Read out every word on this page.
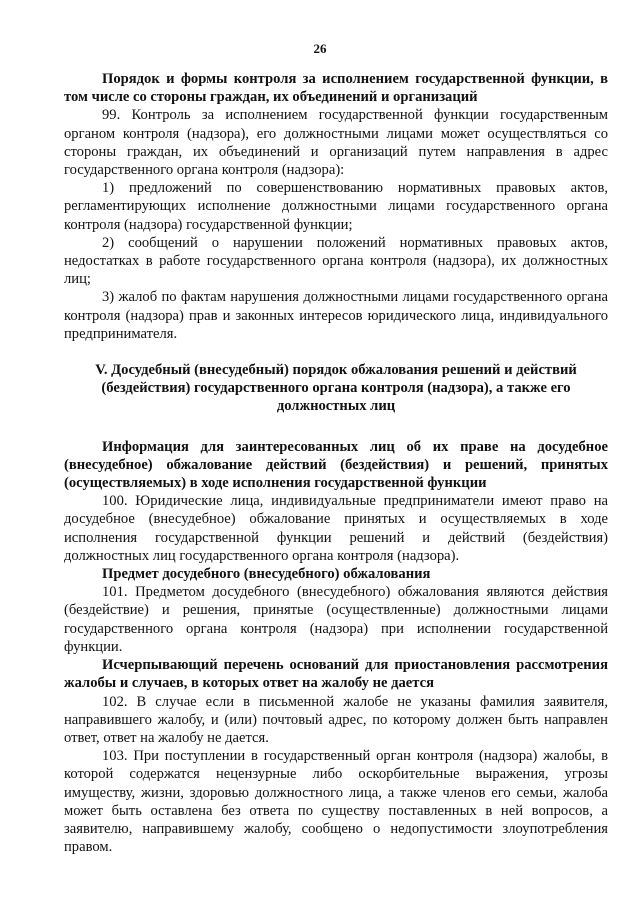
26

Порядок и формы контроля за исполнением государственной функции, в том числе со стороны граждан, их объединений и организаций

99. Контроль за исполнением государственной функции государственным органом контроля (надзора), его должностными лицами может осуществляться со стороны граждан, их объединений и организаций путем направления в адрес государственного органа контроля (надзора):

1) предложений по совершенствованию нормативных правовых актов, регламентирующих исполнение должностными лицами государственного органа контроля (надзора) государственной функции;

2) сообщений о нарушении положений нормативных правовых актов, недостатках в работе государственного органа контроля (надзора), их должностных лиц;

3) жалоб по фактам нарушения должностными лицами государственного органа контроля (надзора) прав и законных интересов юридического лица, индивидуального предпринимателя.

V. Досудебный (внесудебный) порядок обжалования решений и действий (бездействия) государственного органа контроля (надзора), а также его должностных лиц

Информация для заинтересованных лиц об их праве на досудебное (внесудебное) обжалование действий (бездействия) и решений, принятых (осуществляемых) в ходе исполнения государственной функции

100. Юридические лица, индивидуальные предприниматели имеют право на досудебное (внесудебное) обжалование принятых и осуществляемых в ходе исполнения государственной функции решений и действий (бездействия) должностных лиц государственного органа контроля (надзора).

Предмет досудебного (внесудебного) обжалования

101. Предметом досудебного (внесудебного) обжалования являются действия (бездействие) и решения, принятые (осуществленные) должностными лицами государственного органа контроля (надзора) при исполнении государственной функции.

Исчерпывающий перечень оснований для приостановления рассмотрения жалобы и случаев, в которых ответ на жалобу не дается

102. В случае если в письменной жалобе не указаны фамилия заявителя, направившего жалобу, и (или) почтовый адрес, по которому должен быть направлен ответ, ответ на жалобу не дается.

103. При поступлении в государственный орган контроля (надзора) жалобы, в которой содержатся нецензурные либо оскорбительные выражения, угрозы имуществу, жизни, здоровью должностного лица, а также членов его семьи, жалоба может быть оставлена без ответа по существу поставленных в ней вопросов, а заявителю, направившему жалобу, сообщено о недопустимости злоупотребления правом.
